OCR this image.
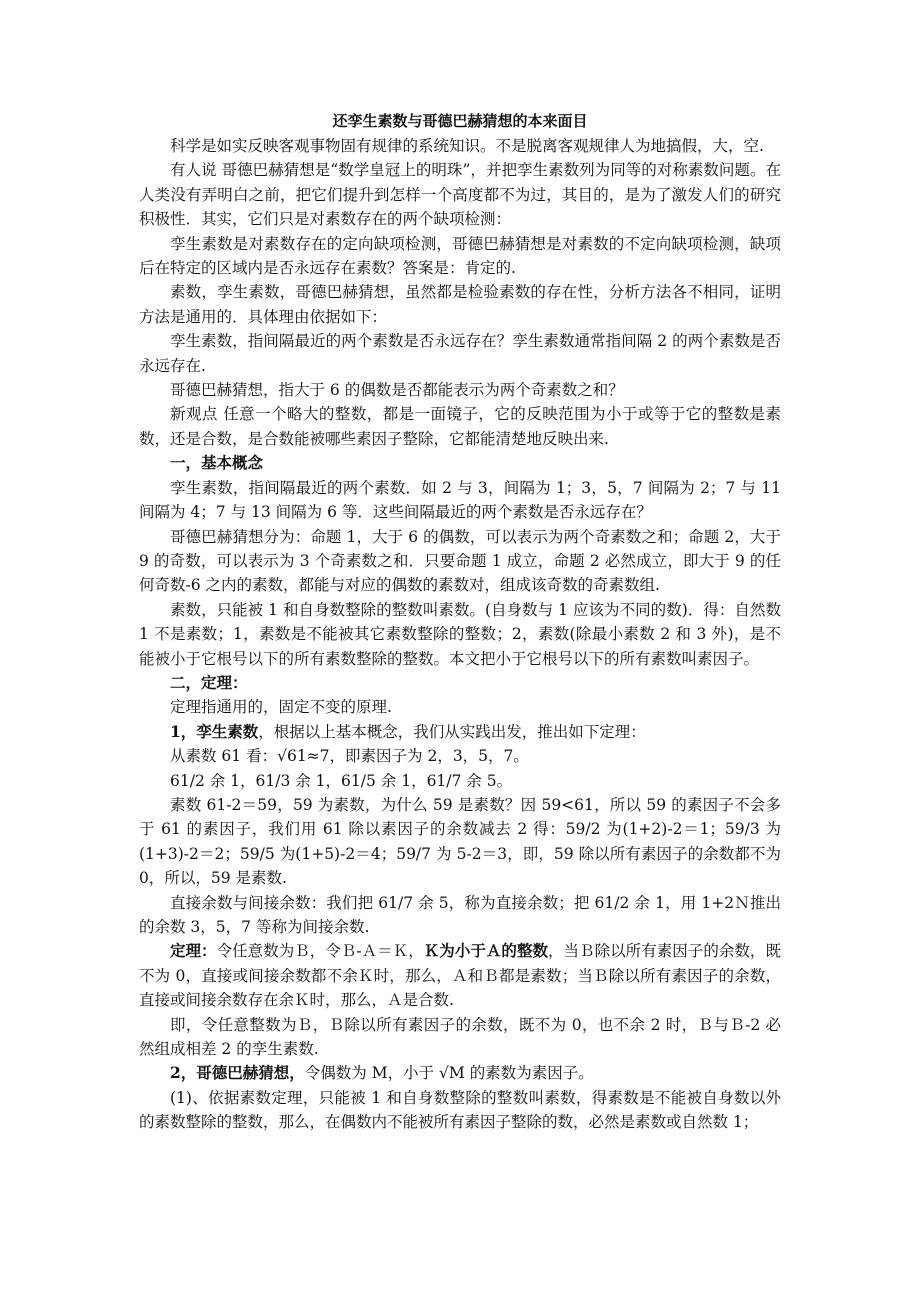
还孪生素数与哥德巴赫猜想的本来面目

科学是如实反映客观事物固有规律的系统知识。不是脱离客观规律人为地搞假，大，空.

有人说 哥德巴赫猜想是“数学皇冠上的明珠”，并把孪生素数列为同等的对称素数问题。在人类没有弄明白之前，把它们提升到怎样一个高度都不为过，其目的，是为了激发人们的研究积极性．其实，它们只是对素数存在的两个缺项检测：

孪生素数是对素数存在的定向缺项检测，哥德巴赫猜想是对素数的不定向缺项检测，缺项后在特定的区域内是否永远存在素数？答案是：肯定的.

素数，孪生素数，哥德巴赫猜想，虽然都是检验素数的存在性，分析方法各不相同，证明方法是通用的．具体理由依据如下：

孪生素数，指间隔最近的两个素数是否永远存在？孪生素数通常指间隔 2 的两个素数是否永远存在.

哥德巴赫猜想，指大于 6 的偶数是否都能表示为两个奇素数之和？

新观点 任意一个略大的整数，都是一面镜子，它的反映范围为小于或等于它的整数是素数，还是合数，是合数能被哪些素因子整除，它都能清楚地反映出来.

一，基本概念

孪生素数，指间隔最近的两个素数．如 2 与 3，间隔为 1；3，5，7 间隔为 2；7 与 11 间隔为 4；7 与 13 间隔为 6 等．这些间隔最近的两个素数是否永远存在？

哥德巴赫猜想分为：命题 1，大于 6 的偶数，可以表示为两个奇素数之和；命题 2，大于 9 的奇数，可以表示为 3 个奇素数之和．只要命题 1 成立，命题 2 必然成立，即大于 9 的任何奇数-6 之内的素数，都能与对应的偶数的素数对，组成该奇数的奇素数组.

素数，只能被 1 和自身数整除的整数叫素数。(自身数与 1 应该为不同的数)．得：自然数 1 不是素数；1，素数是不能被其它素数整除的整数；2，素数(除最小素数 2 和 3 外)，是不能被小于它根号以下的所有素数整除的整数。本文把小于它根号以下的所有素数叫素因子。

二，定理：

定理指通用的，固定不变的原理.

1，孪生素数，根据以上基本概念，我们从实践出发，推出如下定理：

从素数 61 看：√61≈7，即素因子为 2，3，5，7。

61/2 余 1，61/3 余 1，61/5 余 1，61/7 余 5。

素数 61-2＝59，59 为素数，为什么 59 是素数？因 59<61，所以 59 的素因子不会多于 61 的素因子，我们用 61 除以素因子的余数减去 2 得：59/2 为(1+2)-2＝1；59/3 为(1+3)-2＝2；59/5 为(1+5)-2＝4；59/7 为 5-2＝3，即，59 除以所有素因子的余数都不为 0，所以，59 是素数.

直接余数与间接余数：我们把 61/7 余 5，称为直接余数；把 61/2 余 1，用 1+2Ｎ推出的余数 3，5，7 等称为间接余数.

定理：令任意数为Ｂ，令Ｂ-Ａ＝Ｋ，Ｋ为小于Ａ的整数，当Ｂ除以所有素因子的余数，既不为 0，直接或间接余数都不余Ｋ时，那么，Ａ和Ｂ都是素数；当Ｂ除以所有素因子的余数，直接或间接余数存在余Ｋ时，那么，Ａ是合数.

即，令任意整数为Ｂ，Ｂ除以所有素因子的余数，既不为 0，也不余 2 时，Ｂ与Ｂ-2 必然组成相差 2 的孪生素数.

2，哥德巴赫猜想，令偶数为 M，小于 √M 的素数为素因子。

(1)、依据素数定理，只能被 1 和自身数整除的整数叫素数，得素数是不能被自身数以外的素数整除的整数，那么，在偶数内不能被所有素因子整除的数，必然是素数或自然数 1；
